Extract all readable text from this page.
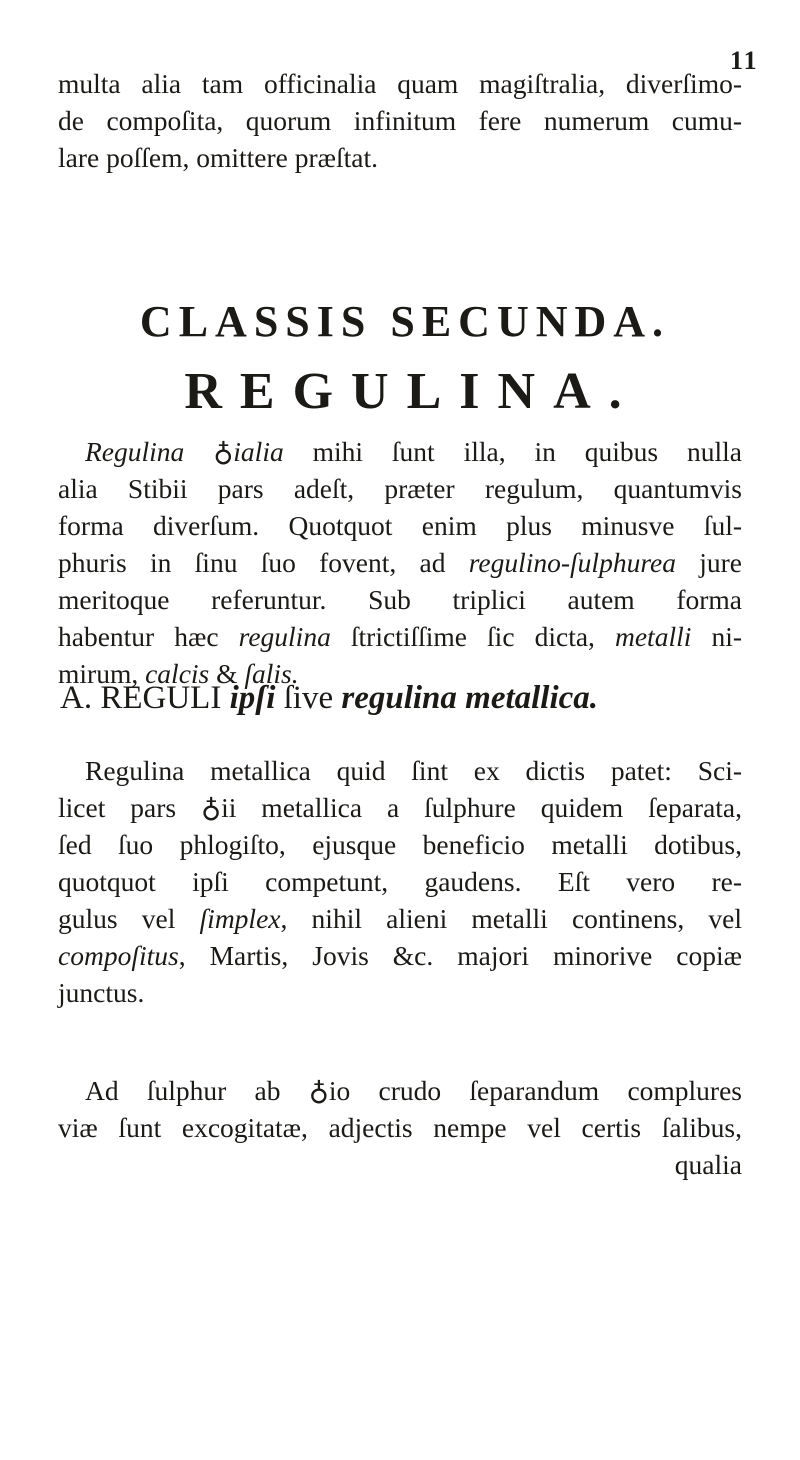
11
multa alia tam officinalia quam magiſtralia, diverſimo-
de compoſita, quorum infinitum fere numerum cumu-
lare poſſem, omittere præſtat.
CLASSIS SECUNDA.
REGULINA.
Regulina ♁ialia mihi ſunt illa, in quibus nulla
alia Stibii pars adeſt, præter regulum, quantumvis
forma diverſum. Quotquot enim plus minusve ſul-
phuris in ſinu ſuo fovent, ad regulino-ſulphurea jure
meritoque referuntur. Sub triplici autem forma
habentur hæc regulina ſtrictiſſime ſic dicta, metalli ni-
mirum, calcis & ſalis.
A. REGULI ipſi ſive regulina metallica.
Regulina metallica quid ſint ex dictis patet: Sci-
licet pars ♁ii metallica a ſulphure quidem ſeparata,
ſed ſuo phlogiſto, ejusque beneficio metalli dotibus,
quotquot ipſi competunt, gaudens. Eſt vero re-
gulus vel ſimplex, nihil alieni metalli continens, vel
compoſitus, Martis, Jovis &c. majori minorive copiæ
junctus.
Ad ſulphur ab ♁io crudo ſeparandum complures
viæ ſunt excogitatæ, adjectis nempe vel certis ſalibus,
qualia
